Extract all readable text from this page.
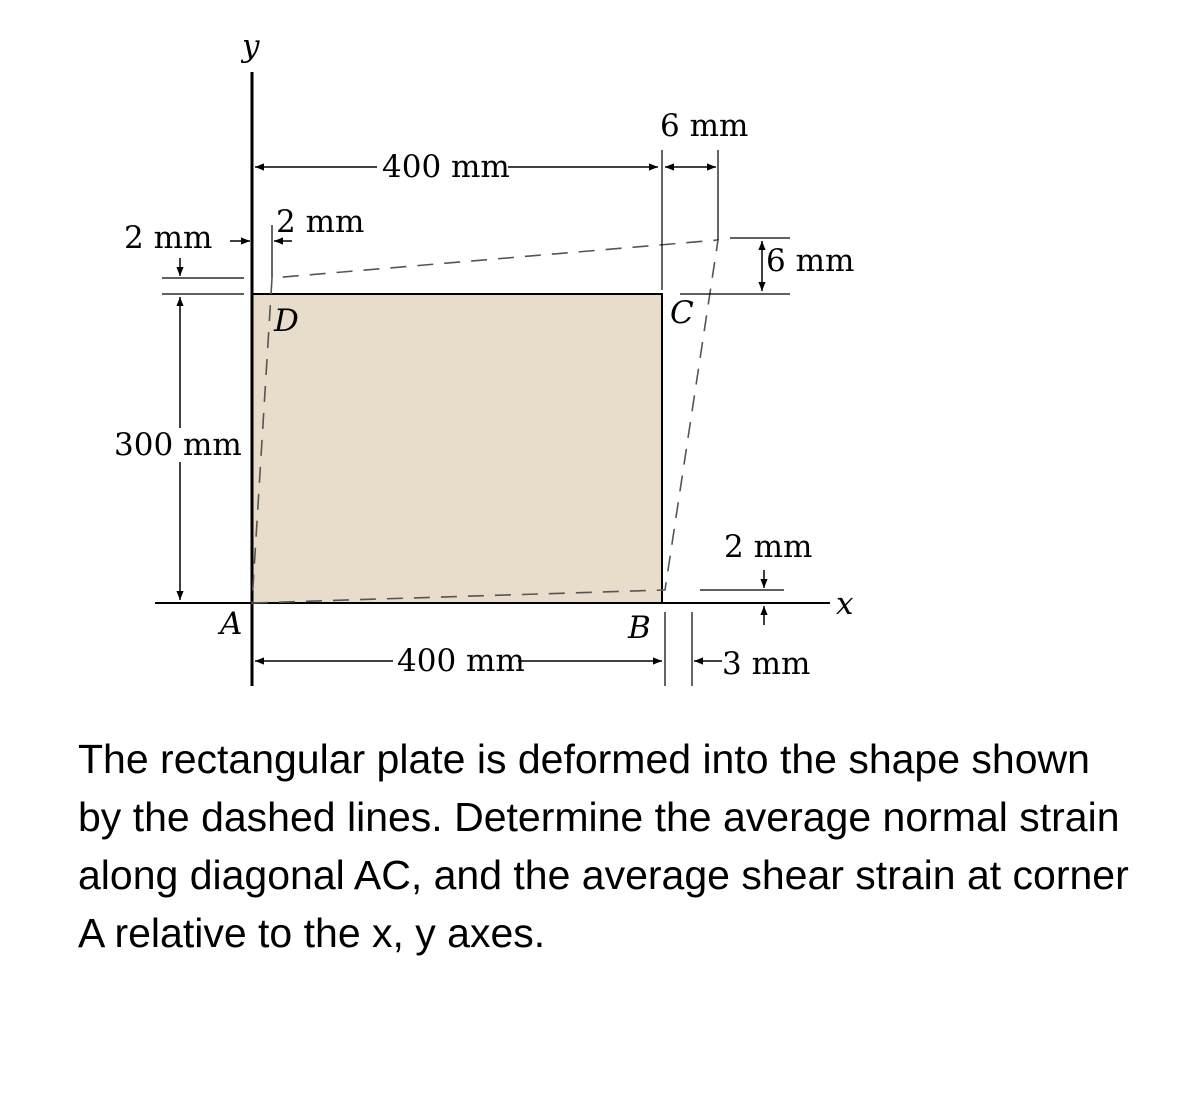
y
x
400 mm
6 mm
6 mm
2 mm
2 mm
300 mm
A	B
C
D
400 mm	3 mm
2 mm
The rectangular plate is deformed into the shape shown by the dashed lines. Determine the average normal strain along diagonal AC, and the average shear strain at corner A relative to the x, y axes.
